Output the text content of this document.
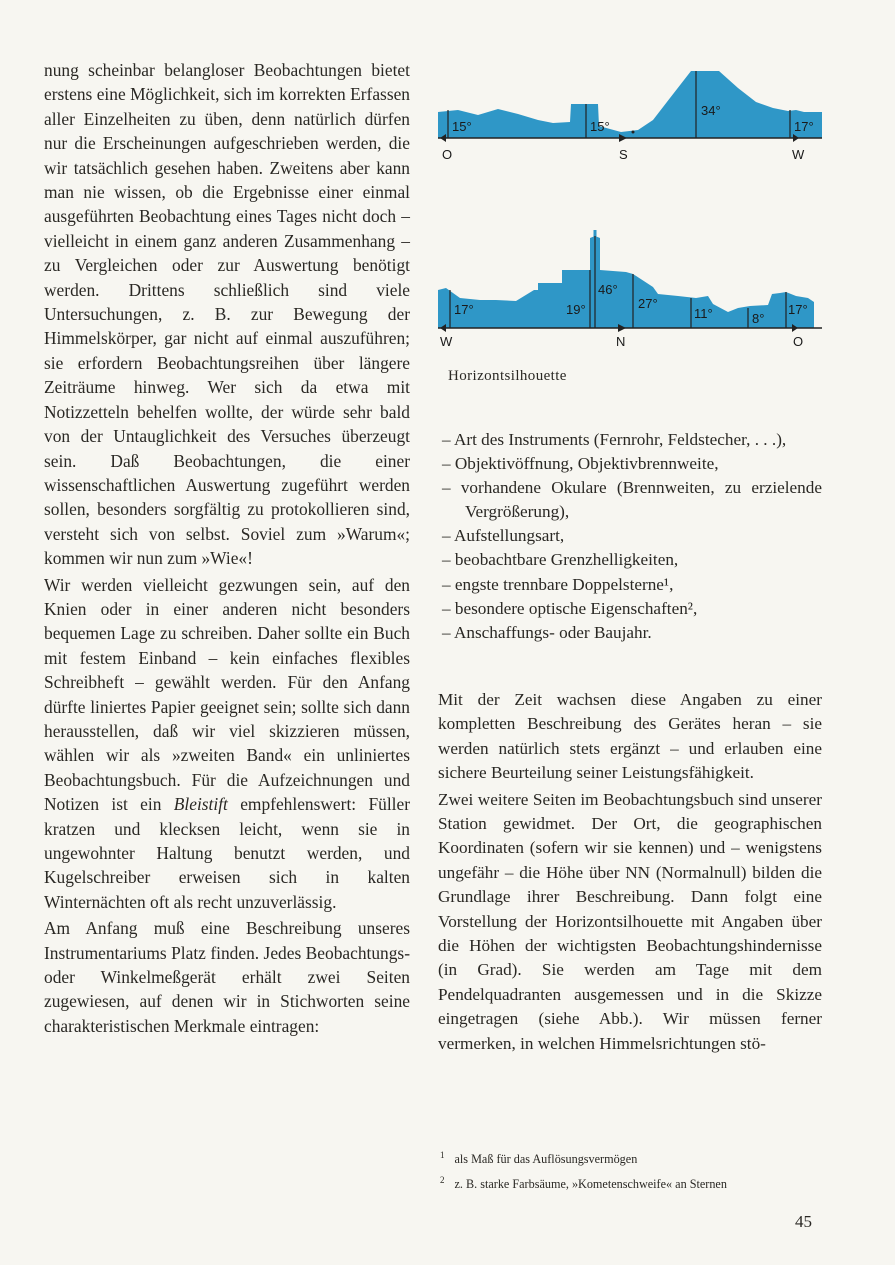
nung scheinbar belangloser Beobachtungen bietet erstens eine Möglichkeit, sich im korrekten Erfassen aller Einzelheiten zu üben, denn natürlich dürfen nur die Erscheinungen aufgeschrieben werden, die wir tatsächlich gesehen haben. Zweitens aber kann man nie wissen, ob die Ergebnisse einer einmal ausgeführten Beobachtung eines Tages nicht doch – vielleicht in einem ganz anderen Zusammenhang – zu Vergleichen oder zur Auswertung benötigt werden. Drittens schließlich sind viele Untersuchungen, z. B. zur Bewegung der Himmelskörper, gar nicht auf einmal auszuführen; sie erfordern Beobachtungsreihen über längere Zeiträume hinweg. Wer sich da etwa mit Notizzetteln behelfen wollte, der würde sehr bald von der Untauglichkeit des Versuches überzeugt sein. Daß Beobachtungen, die einer wissenschaftlichen Auswertung zugeführt werden sollen, besonders sorgfältig zu protokollieren sind, versteht sich von selbst. Soviel zum »Warum«; kommen wir nun zum »Wie«!

Wir werden vielleicht gezwungen sein, auf den Knien oder in einer anderen nicht besonders bequemen Lage zu schreiben. Daher sollte ein Buch mit festem Einband – kein einfaches flexibles Schreibheft – gewählt werden. Für den Anfang dürfte liniertes Papier geeignet sein; sollte sich dann herausstellen, daß wir viel skizzieren müssen, wählen wir als »zweiten Band« ein unliniertes Beobachtungsbuch. Für die Aufzeichnungen und Notizen ist ein Bleistift empfehlenswert: Füller kratzen und klecksen leicht, wenn sie in ungewohnter Haltung benutzt werden, und Kugelschreiber erweisen sich in kalten Winternächten oft als recht unzuverlässig.

Am Anfang muß eine Beschreibung unseres Instrumentariums Platz finden. Jedes Beobachtungs- oder Winkelmeßgerät erhält zwei Seiten zugewiesen, auf denen wir in Stichworten seine charakteristischen Merkmale eintragen:

15°	15°
34°
17°
O	S	W
17°	19°
46°
27°
11°	8°
17°
W	N	O
Horizontsilhouette
– Art des Instruments (Fernrohr, Feldstecher, . . .),
– Objektivöffnung, Objektivbrennweite,
– vorhandene Okulare (Brennweiten, zu erzielende Vergrößerung),
– Aufstellungsart,
– beobachtbare Grenzhelligkeiten,
– engste trennbare Doppelsterne¹,
– besondere optische Eigenschaften²,
– Anschaffungs- oder Baujahr.

Mit der Zeit wachsen diese Angaben zu einer kompletten Beschreibung des Gerätes heran – sie werden natürlich stets ergänzt – und erlauben eine sichere Beurteilung seiner Leistungsfähigkeit.

Zwei weitere Seiten im Beobachtungsbuch sind unserer Station gewidmet. Der Ort, die geographischen Koordinaten (sofern wir sie kennen) und – wenigstens ungefähr – die Höhe über NN (Normalnull) bilden die Grundlage ihrer Beschreibung. Dann folgt eine Vorstellung der Horizontsilhouette mit Angaben über die Höhen der wichtigsten Beobachtungshindernisse (in Grad). Sie werden am Tage mit dem Pendelquadranten ausgemessen und in die Skizze eingetragen (siehe Abb.). Wir müssen ferner vermerken, in welchen Himmelsrichtungen stö-

$^1$ als Maß für das Auflösungsvermögen
$^2$ z. B. starke Farbsäume, »Kometenschweife« an Sternen
45
